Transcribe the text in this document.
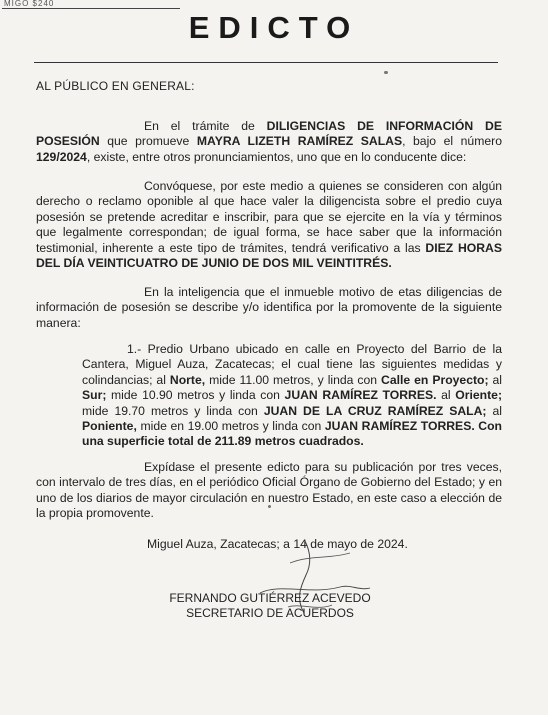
MIGO $240
EDICTO
AL PÚBLICO EN GENERAL:
En el trámite de DILIGENCIAS DE INFORMACIÓN DE POSESIÓN que promueve MAYRA LIZETH RAMÍREZ SALAS, bajo el número 129/2024, existe, entre otros pronunciamientos, uno que en lo conducente dice:
Convóquese, por este medio a quienes se consideren con algún derecho o reclamo oponible al que hace valer la diligencista sobre el predio cuya posesión se pretende acreditar e inscribir, para que se ejercite en la vía y términos que legalmente correspondan; de igual forma, se hace saber que la información testimonial, inherente a este tipo de trámites, tendrá verificativo a las DIEZ HORAS DEL DÍA VEINTICUATRO DE JUNIO DE DOS MIL VEINTITRÉS.
En la inteligencia que el inmueble motivo de etas diligencias de información de posesión se describe y/o identifica por la promovente de la siguiente manera:
1.- Predio Urbano ubicado en calle en Proyecto del Barrio de la Cantera, Miguel Auza, Zacatecas; el cual tiene las siguientes medidas y colindancias; al Norte, mide 11.00 metros, y linda con Calle en Proyecto; al Sur; mide 10.90 metros y linda con JUAN RAMÍREZ TORRES. al Oriente; mide 19.70 metros y linda con JUAN DE LA CRUZ RAMÍREZ SALA; al Poniente, mide en 19.00 metros y linda con JUAN RAMÍREZ TORRES. Con una superficie total de 211.89 metros cuadrados.
Expídase el presente edicto para su publicación por tres veces, con intervalo de tres días, en el periódico Oficial Órgano de Gobierno del Estado; y en uno de los diarios de mayor circulación en nuestro Estado, en este caso a elección de la propia promovente.
Miguel Auza, Zacatecas; a 14 de mayo de 2024.
FERNANDO GUTIÉRREZ ACEVEDO
SECRETARIO DE ACUERDOS
